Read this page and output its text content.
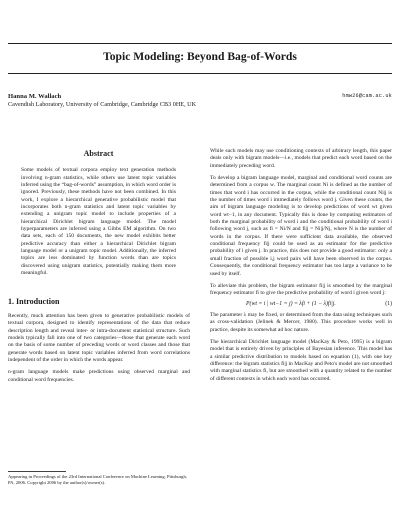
Topic Modeling: Beyond Bag-of-Words

Hanna M. Wallach	hmw26@cam.ac.uk

Cavendish Laboratory, University of Cambridge, Cambridge CB3 0HE, UK

Abstract

Some models of textual corpora employ text generation methods involving n-gram statistics, while others use latent topic variables inferred using the “bag-of-words” assumption, in which word order is ignored. Previously, these methods have not been combined. In this work, I explore a hierarchical generative probabilistic model that incorporates both n-gram statistics and latent topic variables by extending a unigram topic model to include properties of a hierarchical Dirichlet bigram language model. The model hyperparameters are inferred using a Gibbs EM algorithm. On two data sets, each of 150 documents, the new model exhibits better predictive accuracy than either a hierarchical Dirichlet bigram language model or a unigram topic model. Additionally, the inferred topics are less dominated by function words than are topics discovered using unigram statistics, potentially making them more meaningful.

1. Introduction

Recently, much attention has been given to generative probabilistic models of textual corpora, designed to identify representations of the data that reduce description length and reveal inter- or intra-document statistical structure. Such models typically fall into one of two categories—those that generate each word on the basis of some number of preceding words or word classes and those that generate words based on latent topic variables inferred from word correlations independent of the order in which the words appear.

n-gram language models make predictions using observed marginal and conditional word frequencies.

Appearing in Proceedings of the 23rd International Conference on Machine Learning, Pittsburgh, PA, 2006. Copyright 2006 by the author(s)/owner(s).

While such models may use conditioning contexts of arbitrary length, this paper deals only with bigram models—i.e., models that predict each word based on the immediately preceding word.

To develop a bigram language model, marginal and conditional word counts are determined from a corpus w. The marginal count Ni is defined as the number of times that word i has occurred in the corpus, while the conditional count Ni|j is the number of times word i immediately follows word j. Given these counts, the aim of bigram language modeling is to develop predictions of word wt given word wt−1, in any document. Typically this is done by computing estimators of both the marginal probability of word i and the conditional probability of word i following word j, such as fi = Ni/N and fi|j = Ni|j/Nj, where N is the number of words in the corpus. If there were sufficient data available, the observed conditional frequency fi|j could be used as an estimator for the predictive probability of i given j. In practice, this does not provide a good estimator: only a small fraction of possible i,j word pairs will have been observed in the corpus. Consequently, the conditional frequency estimator has too large a variance to be used by itself.

To alleviate this problem, the bigram estimator fi|j is smoothed by the marginal frequency estimator fi to give the predictive probability of word i given word j:

P(wt = i | wt−1 = j) = λfi + (1 − λ)fi|j.	(1)

The parameter λ may be fixed, or determined from the data using techniques such as cross-validation (Jelinek & Mercer, 1980). This procedure works well in practice, despite its somewhat ad hoc nature.

The hierarchical Dirichlet language model (MacKay & Peto, 1995) is a bigram model that is entirely driven by principles of Bayesian inference. This model has a similar predictive distribution to models based on equation (1), with one key difference: the bigram statistics fi|j in MacKay and Peto's model are not smoothed with marginal statistics fi, but are smoothed with a quantity related to the number of different contexts in which each word has occurred.
